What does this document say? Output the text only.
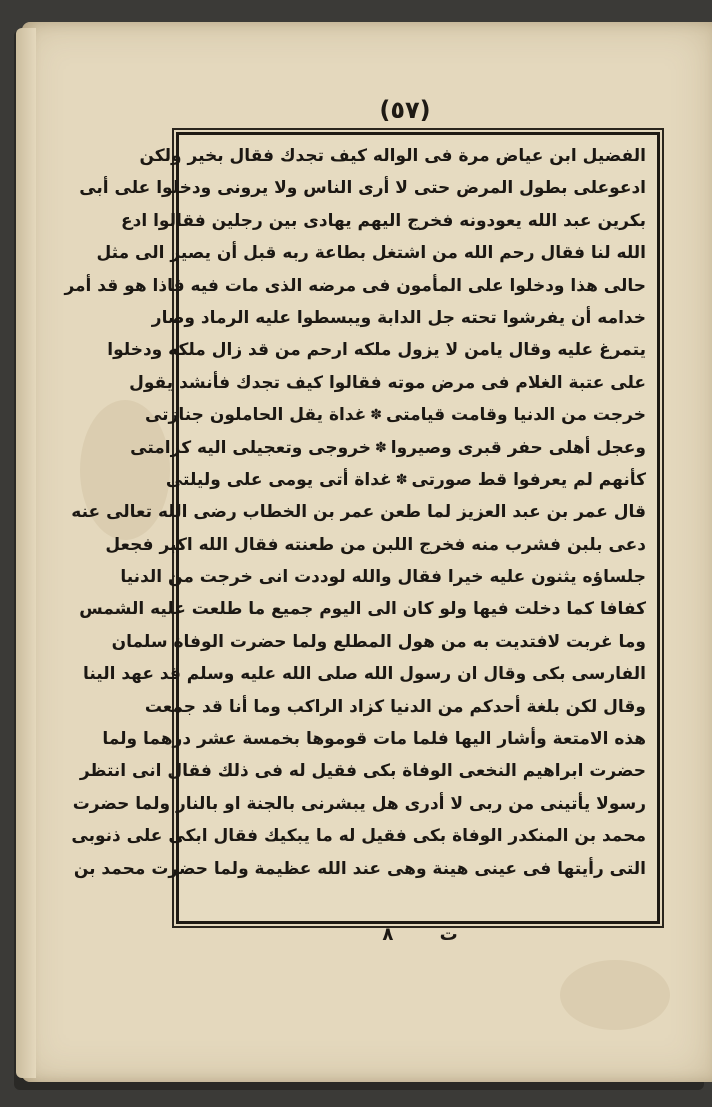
(٥٧)
الفضيل ابن عياض مرة فى الواله كيف تجدك فقال بخير ولكن
ادعوعلى بطول المرض حتى لا أرى الناس ولا يرونى ودخلوا على أبى
بكرين عبد الله يعودونه فخرج اليهم يهادى بين رجلين فقالوا ادع
الله لنا فقال رحم الله من اشتغل بطاعة ربه قبل أن يصير الى مثل
حالى هذا ودخلوا على المأمون فى مرضه الذى مات فيه فاذا هو قد أمر
خدامه أن يفرشوا تحته جل الدابة ويبسطوا عليه الرماد وصار
يتمرغ عليه وقال يامن لا يزول ملكه ارحم من قد زال ملكه ودخلوا
على عتبة الغلام فى مرض موته فقالوا كيف تجدك فأنشد يقول
خرجت من الدنيا وقامت قيامتى
✽
غداة يقل الحاملون جنازتى
وعجل أهلى حفر قبرى وصيروا
✽
خروجى وتعجيلى اليه كرامتى
كأنهم لم يعرفوا قط صورتى
✽
غداة أتى يومى على وليلتى
قال عمر بن عبد العزيز لما طعن عمر بن الخطاب رضى الله تعالى عنه
دعى بلبن فشرب منه فخرج اللبن من طعنته فقال الله اكبر فجعل
جلساؤه يثنون عليه خيرا فقال والله لوددت انى خرجت من الدنيا
كفافا كما دخلت فيها ولو كان الى اليوم جميع ما طلعت عليه الشمس
وما غربت لافتديت به من هول المطلع ولما حضرت الوفاة سلمان
الفارسى بكى وقال ان رسول الله صلى الله عليه وسلم قد عهد الينا
وقال لكن بلغة أحدكم من الدنيا كزاد الراكب وما أنا قد جمعت
هذه الامتعة وأشار اليها فلما مات قوموها بخمسة عشر درهما ولما
حضرت ابراهيم النخعى الوفاة بكى فقيل له فى ذلك فقال انى انتظر
رسولا يأتينى من ربى لا أدرى هل يبشرنى بالجنة او بالنار ولما حضرت
محمد بن المنكدر الوفاة بكى فقيل له ما يبكيك فقال ابكى على ذنوبى
التى رأيتها فى عينى هينة وهى عند الله عظيمة ولما حضرت محمد بن
ت ٨
